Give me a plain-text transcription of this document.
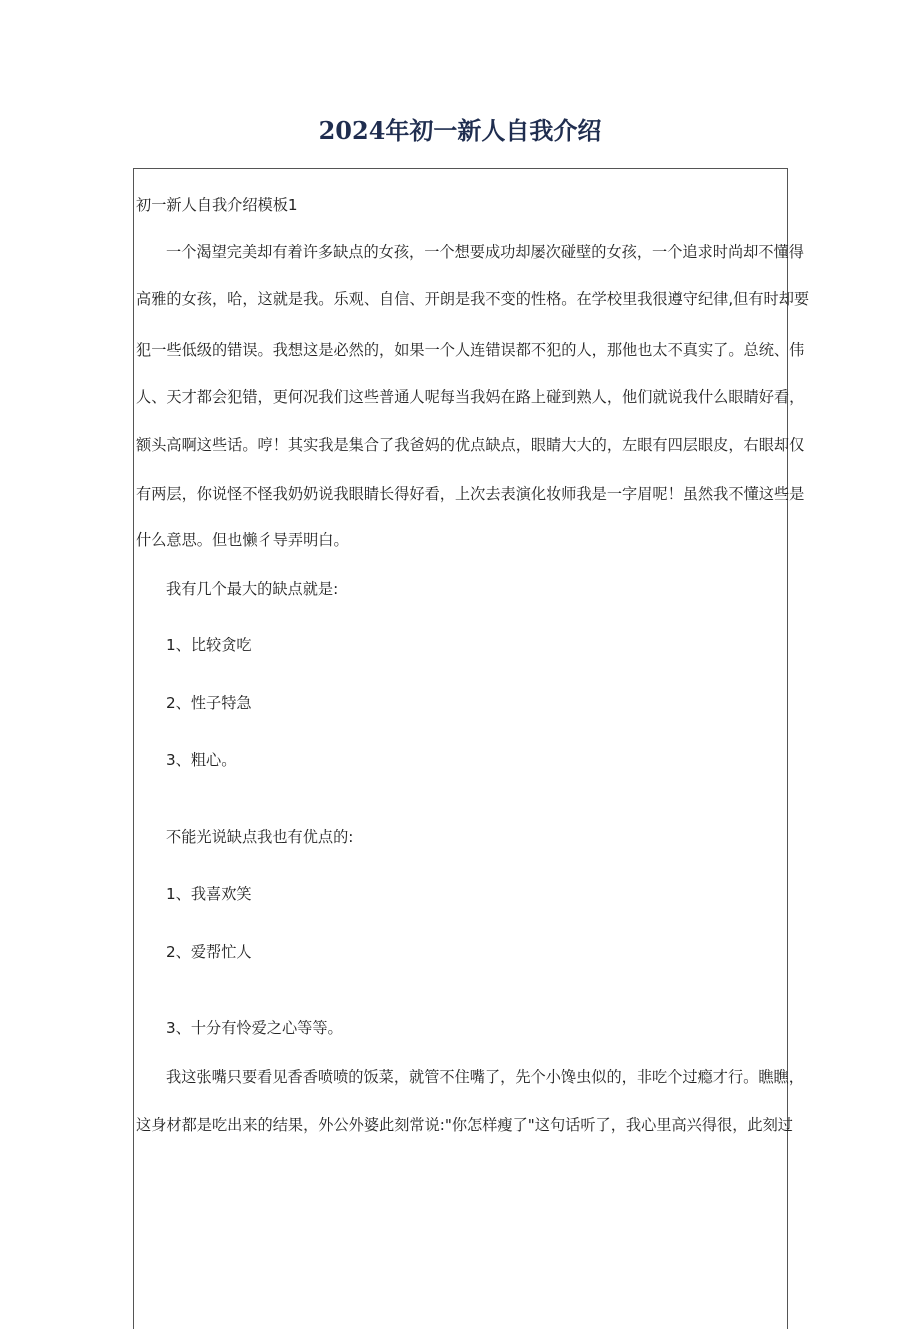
2024年初一新人自我介绍

初一新人自我介绍模板1

一个渴望完美却有着许多缺点的女孩，一个想要成功却屡次碰壁的女孩，一个追求时尚却不懂得

高雅的女孩，哈，这就是我。乐观、自信、开朗是我不变的性格。在学校里我很遵守纪律,但有时却要

犯一些低级的错误。我想这是必然的，如果一个人连错误都不犯的人，那他也太不真实了。总统、伟

人、天才都会犯错，更何况我们这些普通人呢每当我妈在路上碰到熟人，他们就说我什么眼睛好看，

额头高啊这些话。哼！其实我是集合了我爸妈的优点缺点，眼睛大大的，左眼有四层眼皮，右眼却仅

有两层，你说怪不怪我奶奶说我眼睛长得好看，上次去表演化妆师我是一字眉呢！虽然我不懂这些是

什么意思。但也懒彳导弄明白。

我有几个最大的缺点就是:

1、比较贪吃

2、性子特急

3、粗心。

不能光说缺点我也有优点的:

1、我喜欢笑

2、爱帮忙人

3、十分有怜爱之心等等。

我这张嘴只要看见香香喷喷的饭菜，就管不住嘴了，先个小馋虫似的，非吃个过瘾才行。瞧瞧，

这身材都是吃出来的结果，外公外婆此刻常说:"你怎样瘦了"这句话听了，我心里高兴得很，此刻过
